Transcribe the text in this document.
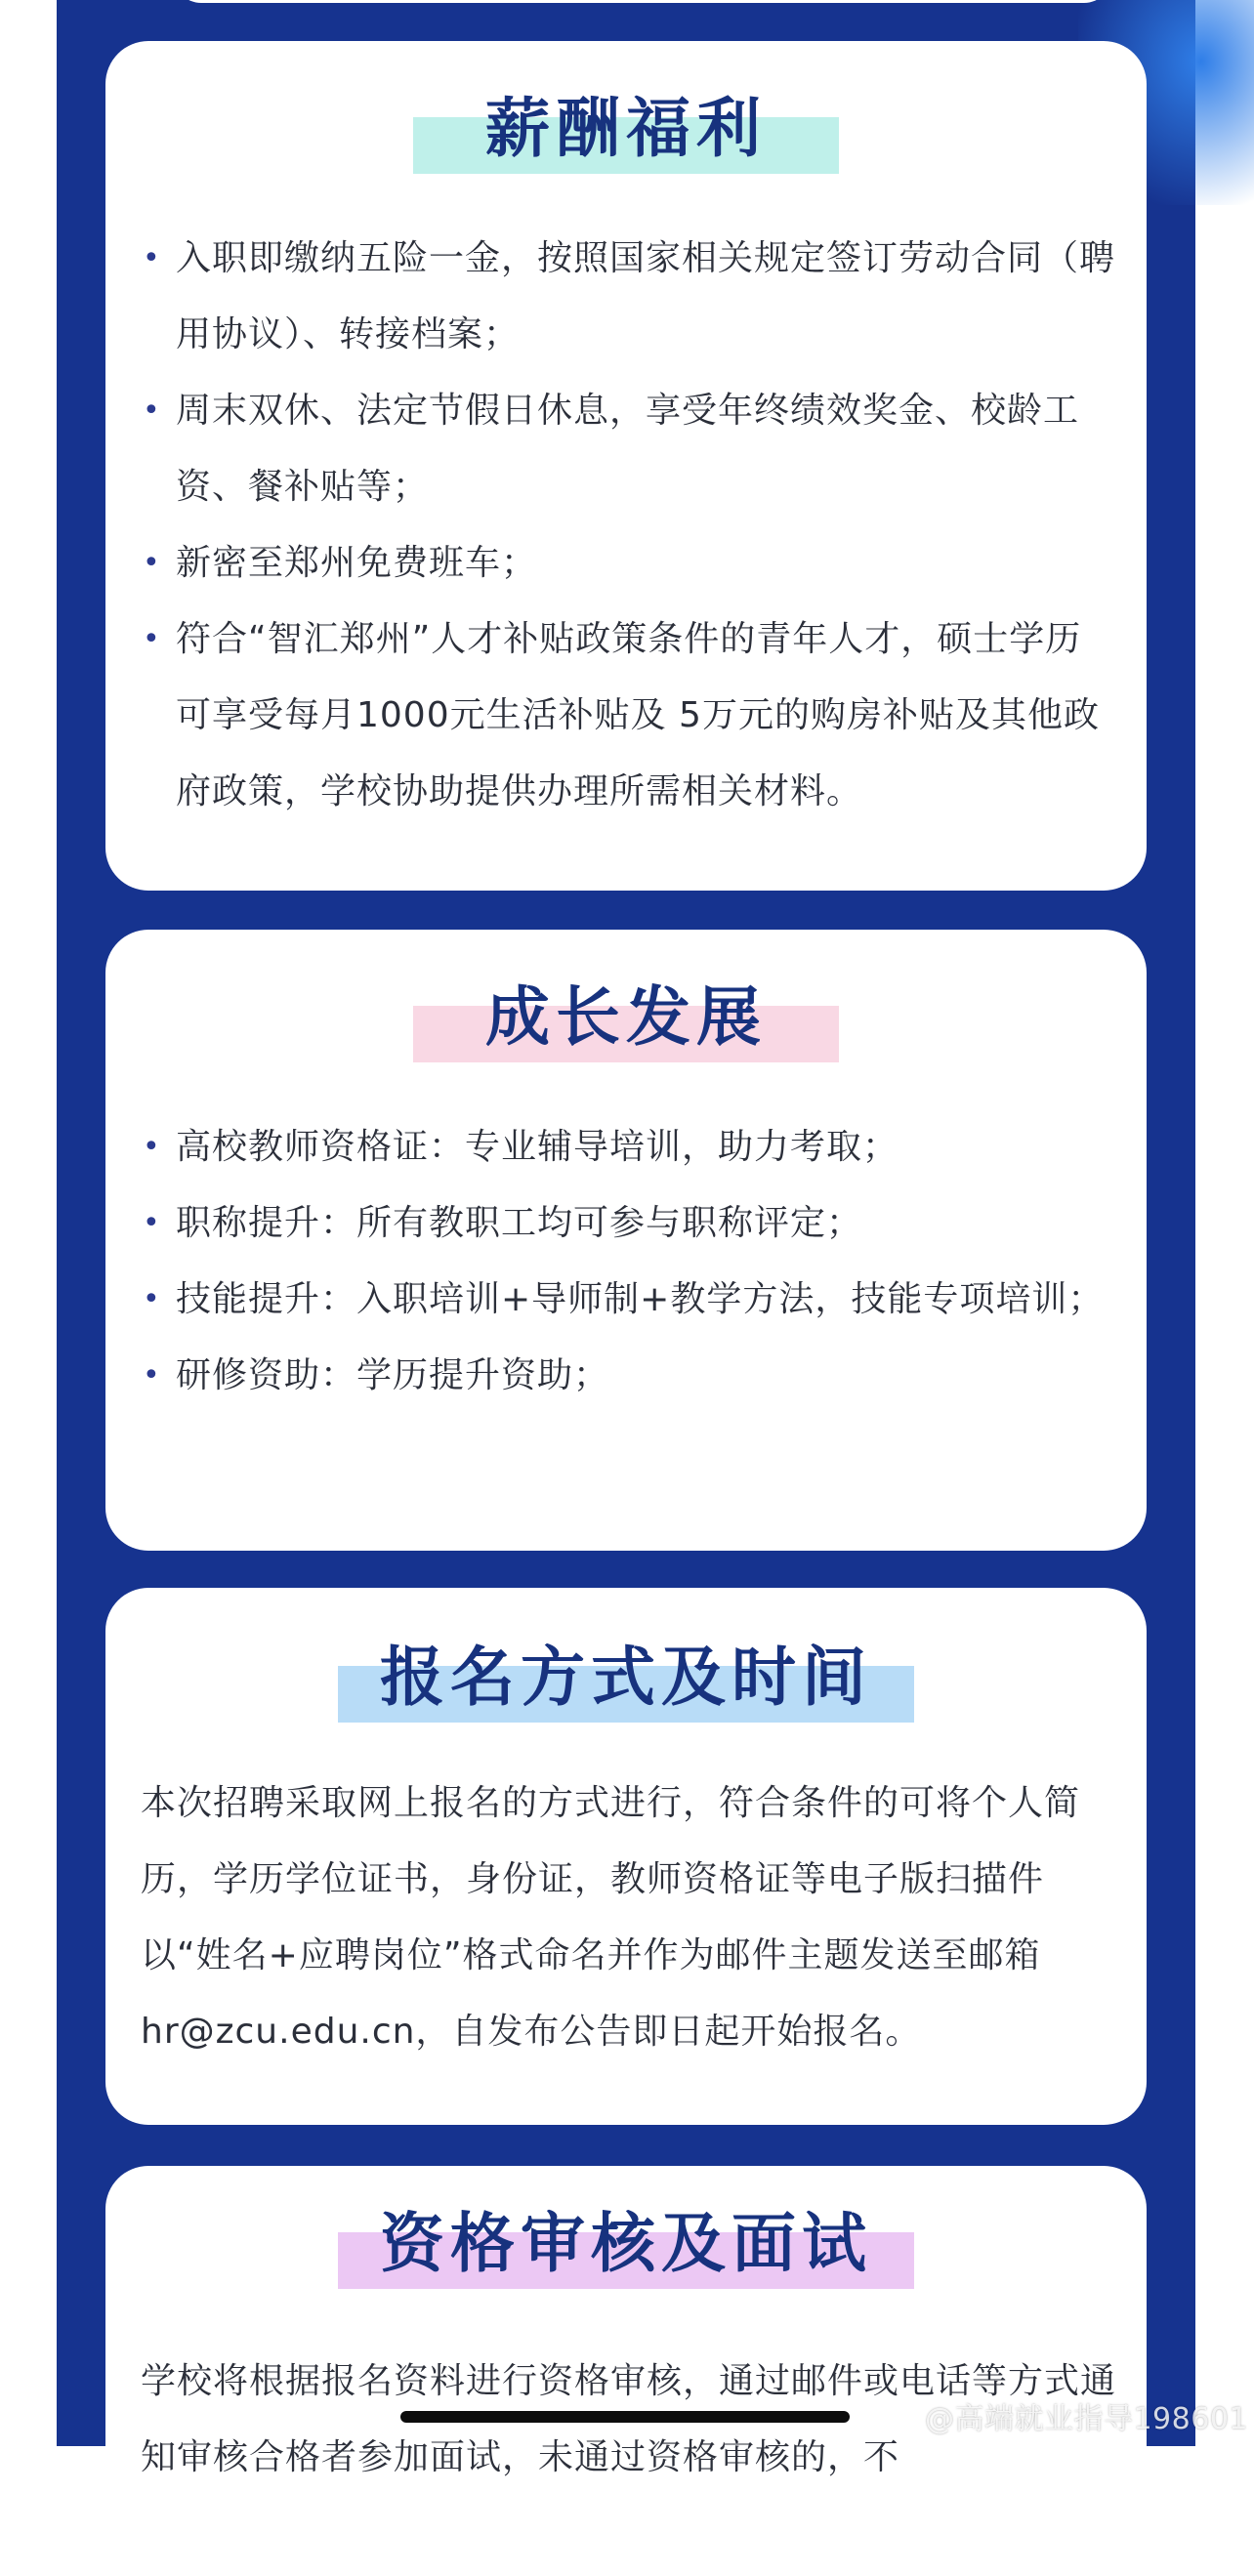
薪酬福利
• 入职即缴纳五险一金，按照国家相关规定签订劳动合同（聘用协议）、转接档案；
• 周末双休、法定节假日休息，享受年终绩效奖金、校龄工资、餐补贴等；
• 新密至郑州免费班车；
• 符合“智汇郑州”人才补贴政策条件的青年人才，硕士学历可享受每月1000元生活补贴及 5万元的购房补贴及其他政府政策，学校协助提供办理所需相关材料。
成长发展
• 高校教师资格证：专业辅导培训，助力考取；
• 职称提升：所有教职工均可参与职称评定；
• 技能提升：入职培训+导师制+教学方法，技能专项培训；
• 研修资助：学历提升资助；
报名方式及时间

本次招聘采取网上报名的方式进行，符合条件的可将个人简历，学历学位证书，身份证，教师资格证等电子版扫描件以“姓名+应聘岗位”格式命名并作为邮件主题发送至邮箱hr@zcu.edu.cn，自发布公告即日起开始报名。

资格审核及面试

学校将根据报名资料进行资格审核，通过邮件或电话等方式通知审核合格者参加面试，未通过资格审核的，不

@高端就业指导198601
